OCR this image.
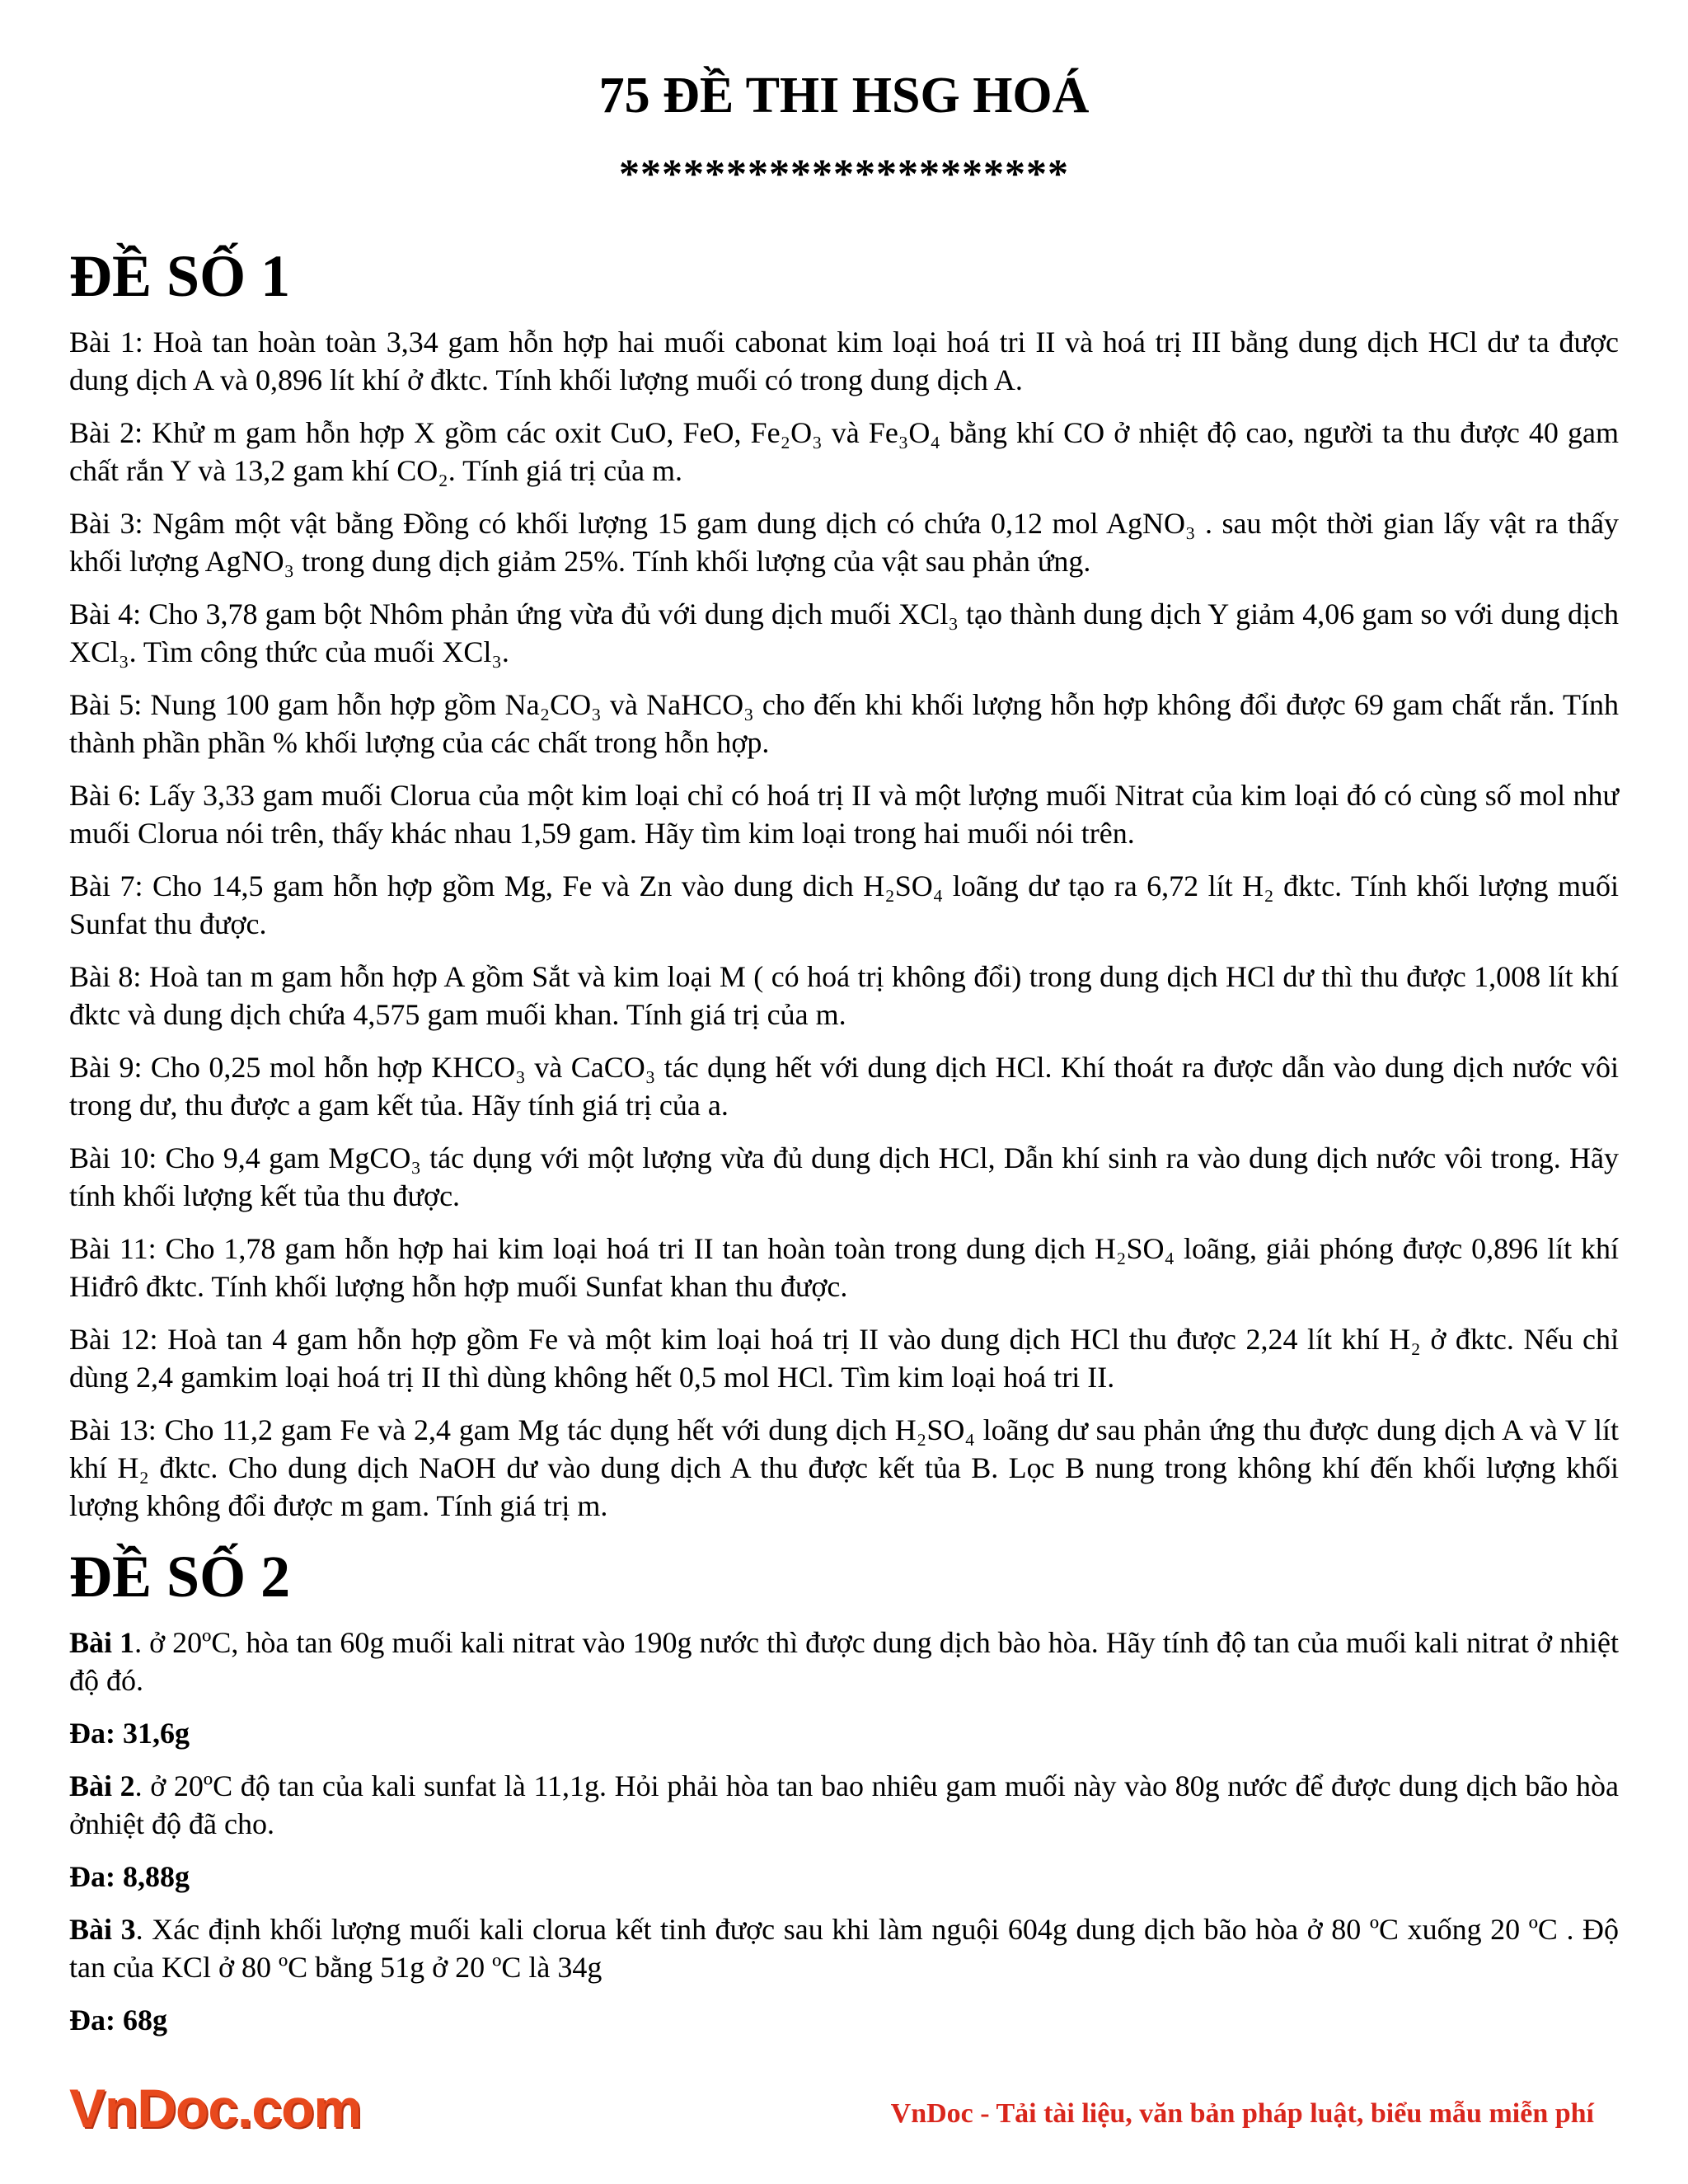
75 ĐỀ THI HSG HOÁ
*********************
ĐỀ SỐ 1

Bài 1: Hoà tan hoàn toàn 3,34 gam hỗn hợp hai muối cabonat kim loại hoá tri II và hoá trị III bằng dung dịch HCl dư ta được dung dịch A và 0,896 lít khí ở đktc. Tính khối lượng muối có trong dung dịch A.

Bài 2: Khử m gam hỗn hợp X gồm các oxit CuO, FeO, Fe₂O₃ và Fe₃O₄ bằng khí CO ở nhiệt độ cao, người ta thu được 40 gam chất rắn Y và 13,2 gam khí CO₂. Tính giá trị của m.

Bài 3: Ngâm một vật bằng Đồng có khối lượng 15 gam dung dịch có chứa 0,12 mol AgNO₃ . sau một thời gian lấy vật ra thấy khối lượng AgNO₃ trong dung dịch giảm 25%. Tính khối lượng của vật sau phản ứng.

Bài 4: Cho 3,78 gam bột Nhôm phản ứng vừa đủ với dung dịch muối XCl₃ tạo thành dung dịch Y giảm 4,06 gam so với dung dịch XCl₃. Tìm công thức của muối XCl₃.

Bài 5: Nung 100 gam hỗn hợp gồm Na₂CO₃ và NaHCO₃ cho đến khi khối lượng hỗn hợp không đổi được 69 gam chất rắn. Tính thành phần phần % khối lượng của các chất trong hỗn hợp.

Bài 6: Lấy 3,33 gam muối Clorua của một kim loại chỉ có hoá trị II và một lượng muối Nitrat của kim loại đó có cùng số mol như muối Clorua nói trên, thấy khác nhau 1,59 gam. Hãy tìm kim loại trong hai muối nói trên.

Bài 7: Cho 14,5 gam hỗn hợp gồm Mg, Fe và Zn vào dung dich H₂SO₄ loãng dư tạo ra 6,72 lít H₂ đktc. Tính khối lượng muối Sunfat thu được.

Bài 8: Hoà tan m gam hỗn hợp A gồm Sắt và kim loại M ( có hoá trị không đổi) trong dung dịch HCl dư thì thu được 1,008 lít khí đktc và dung dịch chứa 4,575 gam muối khan. Tính giá trị của m.

Bài 9: Cho 0,25 mol hỗn hợp KHCO₃ và CaCO₃ tác dụng hết với dung dịch HCl. Khí thoát ra được dẫn vào dung dịch nước vôi trong dư, thu được a gam kết tủa. Hãy tính giá trị của a.

Bài 10: Cho 9,4 gam MgCO₃ tác dụng với một lượng vừa đủ dung dịch HCl, Dẫn khí sinh ra vào dung dịch nước vôi trong. Hãy tính khối lượng kết tủa thu được.

Bài 11: Cho 1,78 gam hỗn hợp hai kim loại hoá tri II tan hoàn toàn trong dung dịch H₂SO₄ loãng, giải phóng được 0,896 lít khí Hiđrô đktc. Tính khối lượng hỗn hợp muối Sunfat khan thu được.

Bài 12: Hoà tan 4 gam hỗn hợp gồm Fe và một kim loại hoá trị II vào dung dịch HCl thu được 2,24 lít khí H₂ ở đktc. Nếu chỉ dùng 2,4 gamkim loại hoá trị II thì dùng không hết 0,5 mol HCl. Tìm kim loại hoá tri II.

Bài 13: Cho 11,2 gam Fe và 2,4 gam Mg tác dụng hết với dung dịch H₂SO₄ loãng dư sau phản ứng thu được dung dịch A và V lít khí H₂ đktc. Cho dung dịch NaOH dư vào dung dịch A thu được kết tủa B. Lọc B nung trong không khí đến khối lượng khối lượng không đổi được m gam. Tính giá trị m.

ĐỀ SỐ 2

Bài 1. ở 20ºC, hòa tan 60g muối kali nitrat vào 190g nước thì được dung dịch bào hòa. Hãy tính độ tan của muối kali nitrat ở nhiệt độ đó.

Đa: 31,6g

Bài 2. ở 20ºC độ tan của kali sunfat là 11,1g. Hỏi phải hòa tan bao nhiêu gam muối này vào 80g nước để được dung dịch bão hòa ởnhiệt độ đã cho.

Đa: 8,88g

Bài 3. Xác định khối lượng muối kali clorua kết tinh được sau khi làm nguội 604g dung dịch bão hòa ở 80 ºC xuống 20 ºC . Độ tan của KCl ở 80 ºC bằng 51g ở 20 ºC là 34g

Đa: 68g

VnDoc.com	VnDoc - Tải tài liệu, văn bản pháp luật, biểu mẫu miễn phí
